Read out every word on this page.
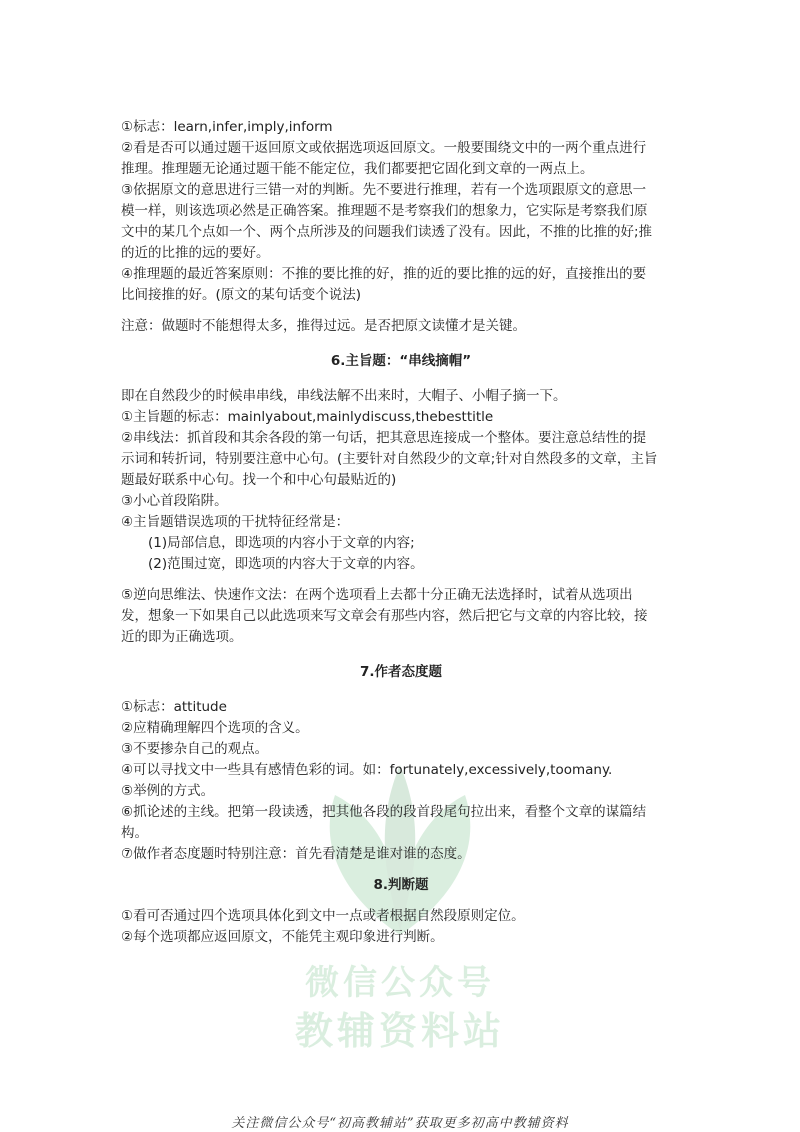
微信公众号
教辅资料站

①标志：learn,infer,imply,inform

②看是否可以通过题干返回原文或依据选项返回原文。一般要围绕文中的一两个重点进行

推理。推理题无论通过题干能不能定位，我们都要把它固化到文章的一两点上。

③依据原文的意思进行三错一对的判断。先不要进行推理，若有一个选项跟原文的意思一

模一样，则该选项必然是正确答案。推理题不是考察我们的想象力，它实际是考察我们原

文中的某几个点如一个、两个点所涉及的问题我们读透了没有。因此，不推的比推的好;推

的近的比推的远的要好。

④推理题的最近答案原则：不推的要比推的好，推的近的要比推的远的好，直接推出的要

比间接推的好。(原文的某句话变个说法)

注意：做题时不能想得太多，推得过远。是否把原文读懂才是关键。

6.主旨题：“串线摘帽”

即在自然段少的时候串串线，串线法解不出来时，大帽子、小帽子摘一下。

①主旨题的标志：mainlyabout,mainlydiscuss,thebesttitle

②串线法：抓首段和其余各段的第一句话，把其意思连接成一个整体。要注意总结性的提

示词和转折词，特别要注意中心句。(主要针对自然段少的文章;针对自然段多的文章，主旨

题最好联系中心句。找一个和中心句最贴近的)

③小心首段陷阱。

④主旨题错误选项的干扰特征经常是：

(1)局部信息，即选项的内容小于文章的内容;

(2)范围过宽，即选项的内容大于文章的内容。

⑤逆向思维法、快速作文法：在两个选项看上去都十分正确无法选择时，试着从选项出

发，想象一下如果自己以此选项来写文章会有那些内容，然后把它与文章的内容比较，接

近的即为正确选项。

7.作者态度题

①标志：attitude

②应精确理解四个选项的含义。

③不要掺杂自己的观点。

④可以寻找文中一些具有感情色彩的词。如：fortunately,excessively,toomany.

⑤举例的方式。

⑥抓论述的主线。把第一段读透，把其他各段的段首段尾句拉出来，看整个文章的谋篇结

构。

⑦做作者态度题时特别注意：首先看清楚是谁对谁的态度。

8.判断题

①看可否通过四个选项具体化到文中一点或者根据自然段原则定位。

②每个选项都应返回原文，不能凭主观印象进行判断。

关注微信公众号“初高教辅站”获取更多初高中教辅资料
